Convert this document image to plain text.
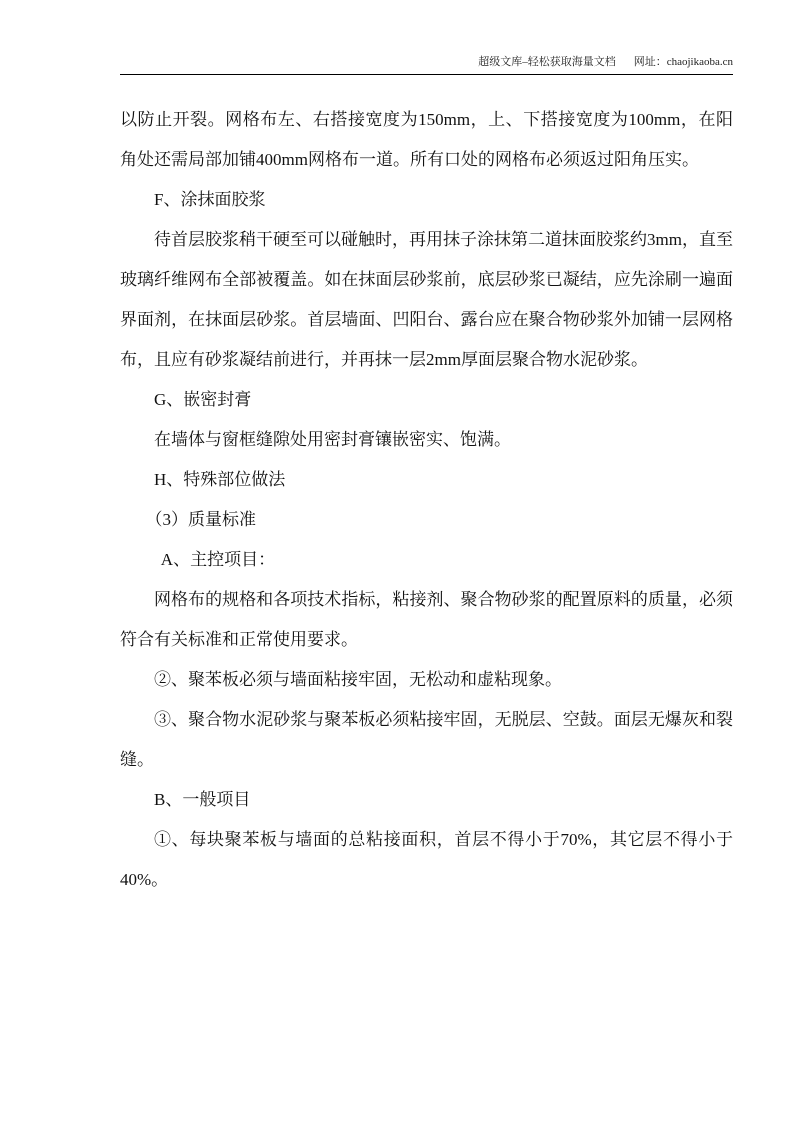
超级文库–轻松获取海量文档 网址：chaojikaoba.cn

以防止开裂。网格布左、右搭接宽度为150mm，上、下搭接宽度为100mm，在阳角处还需局部加铺400mm网格布一道。所有口处的网格布必须返过阳角压实。

F、涂抹面胶浆

待首层胶浆稍干硬至可以碰触时，再用抹子涂抹第二道抹面胶浆约3mm，直至玻璃纤维网布全部被覆盖。如在抹面层砂浆前，底层砂浆已凝结，应先涂刷一遍面界面剂，在抹面层砂浆。首层墙面、凹阳台、露台应在聚合物砂浆外加铺一层网格布，且应有砂浆凝结前进行，并再抹一层2mm厚面层聚合物水泥砂浆。

G、嵌密封膏

在墙体与窗框缝隙处用密封膏镶嵌密实、饱满。

H、特殊部位做法

（3）质量标准

A、主控项目：

网格布的规格和各项技术指标，粘接剂、聚合物砂浆的配置原料的质量，必须符合有关标准和正常使用要求。

②、聚苯板必须与墙面粘接牢固，无松动和虚粘现象。

③、聚合物水泥砂浆与聚苯板必须粘接牢固，无脱层、空鼓。面层无爆灰和裂缝。

B、一般项目

①、每块聚苯板与墙面的总粘接面积，首层不得小于70%，其它层不得小于40%。
